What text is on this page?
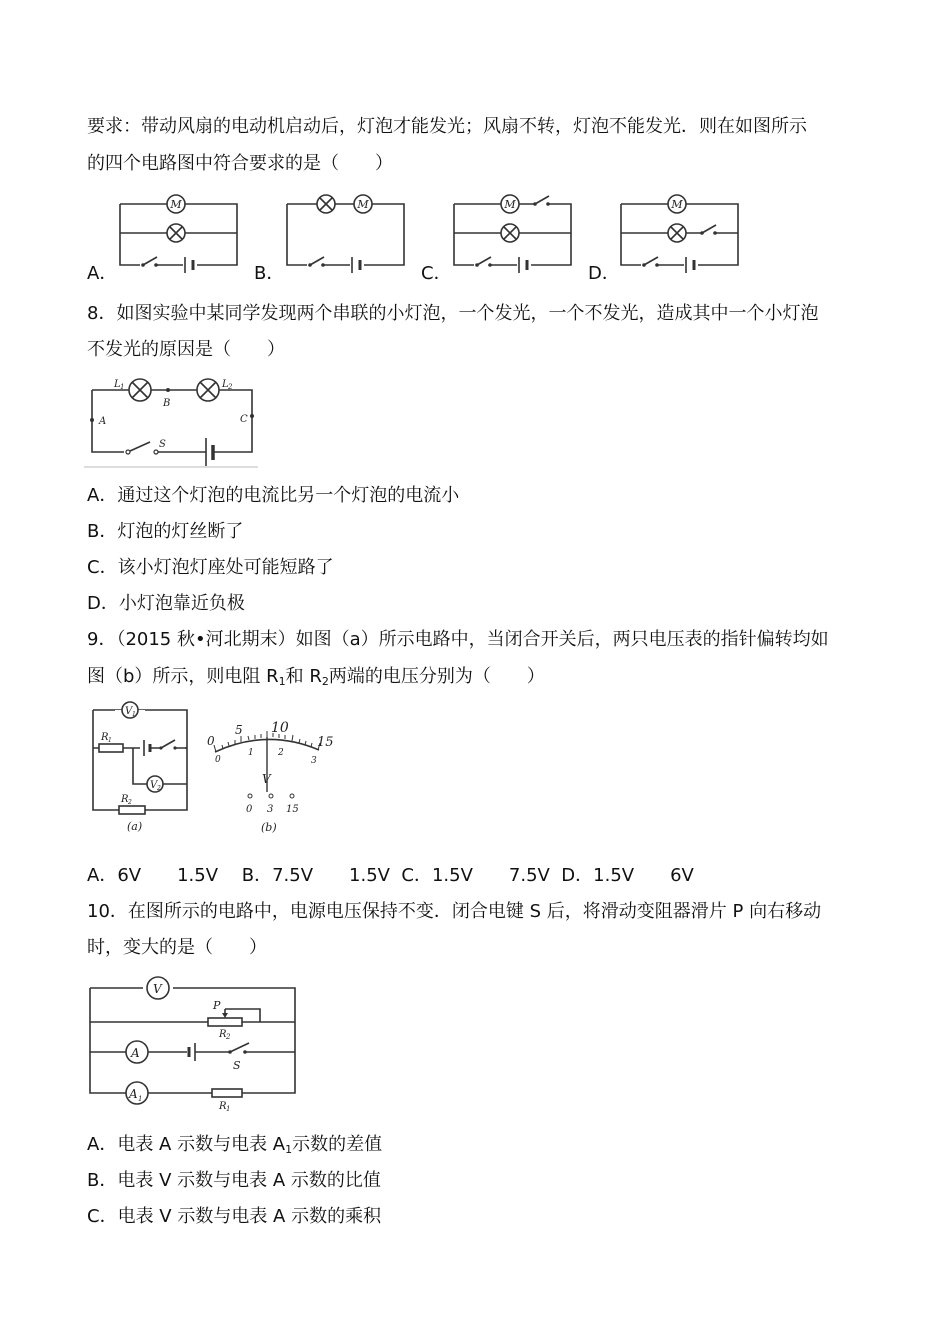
要求：带动风扇的电动机启动后，灯泡才能发光；风扇不转，灯泡不能发光．则在如图所示
的四个电路图中符合要求的是（　　）
A．	B．	C．	D．
M	M	M	M
8．如图实验中某同学发现两个串联的小灯泡，一个发光，一个不发光，造成其中一个小灯泡
不发光的原因是（　　）
L 1	L 2
B
A	C
S
A．通过这个灯泡的电流比另一个灯泡的电流小
B．灯泡的灯丝断了
C．该小灯泡灯座处可能短路了
D．小灯泡靠近负极
9．（2015 秋•河北期末）如图（a）所示电路中，当闭合开关后，两只电压表的指针偏转均如
图（b）所示，则电阻 $R_1$和 $R_2$两端的电压分别为（　　）
V 1
R 1
V 2
R 2
(a)
0
5 10
15
0
1	2
3
V
0 3 15
(b)
A．6V　　1.5V　 B．7.5V　　1.5V  C．1.5V　　7.5V  D．1.5V　　6V
10．在图所示的电路中，电源电压保持不变．闭合电键 S 后，将滑动变阻器滑片 P 向右移动
时，变大的是（　　）
V
P
R 2
A
S
A 1
R 1
A．电表 A 示数与电表 $A_1$示数的差值
B．电表 V 示数与电表 A 示数的比值
C．电表 V 示数与电表 A 示数的乘积
